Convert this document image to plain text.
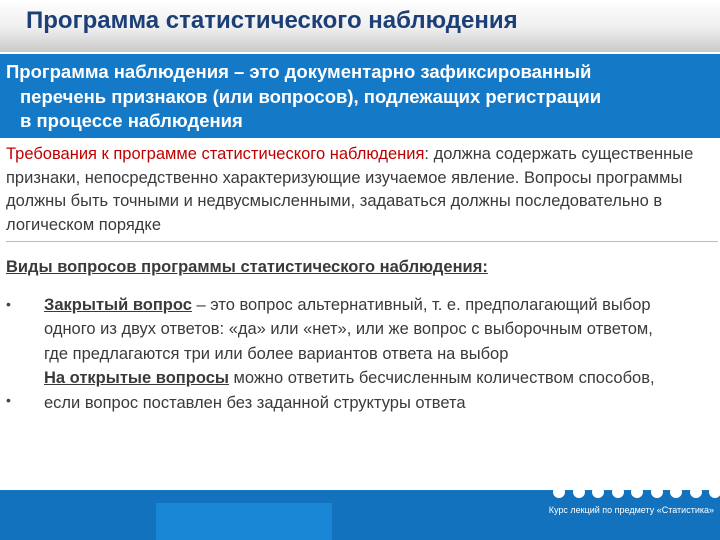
Программа статистического наблюдения
Программа наблюдения – это документарно зафиксированный
перечень признаков (или вопросов), подлежащих регистрации
в процессе наблюдения
Требования к программе статистического наблюдения: должна содержать существенные признаки, непосредственно характеризующие изучаемое явление. Вопросы программы должны быть точными и недвусмысленными, задаваться должны последовательно в логическом порядке
Виды вопросов программы статистического наблюдения:
•
•

Закрытый вопрос – это вопрос альтернативный, т. е. предполагающий выбор одного из двух ответов: «да» или «нет», или же вопрос с выборочным ответом, где предлагаются три или более вариантов ответа на выбор

На открытые вопросы можно ответить бесчисленным количеством способов, если вопрос поставлен без заданной структуры ответа

Курс лекций по предмету «Статистика»
